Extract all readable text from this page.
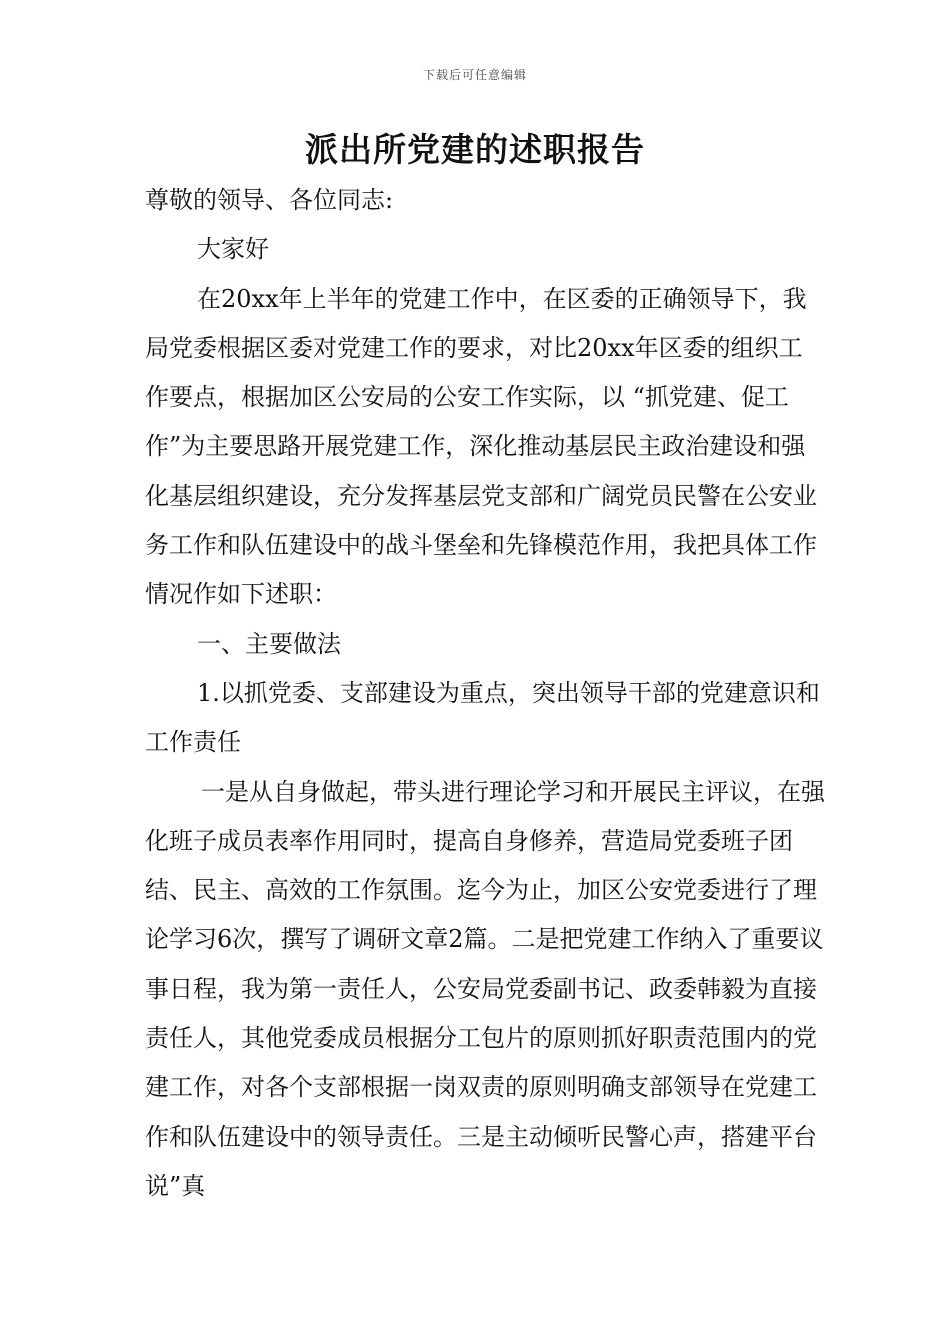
下载后可任意编辑
派出所党建的述职报告

尊敬的领导、各位同志:

大家好

在20xx年上半年的党建工作中，在区委的正确领导下，我局党委根据区委对党建工作的要求，对比20xx年区委的组织工作要点，根据加区公安局的公安工作实际，以 “抓党建、促工作”为主要思路开展党建工作，深化推动基层民主政治建设和强化基层组织建设，充分发挥基层党支部和广阔党员民警在公安业务工作和队伍建设中的战斗堡垒和先锋模范作用，我把具体工作情况作如下述职：

一、主要做法

1.以抓党委、支部建设为重点，突出领导干部的党建意识和工作责任

一是从自身做起，带头进行理论学习和开展民主评议，在强化班子成员表率作用同时，提高自身修养，营造局党委班子团结、民主、高效的工作氛围。迄今为止，加区公安党委进行了理论学习6次，撰写了调研文章2篇。二是把党建工作纳入了重要议事日程，我为第一责任人，公安局党委副书记、政委韩毅为直接责任人，其他党委成员根据分工包片的原则抓好职责范围内的党建工作，对各个支部根据一岗双责的原则明确支部领导在党建工作和队伍建设中的领导责任。三是主动倾听民警心声，搭建平台说”真
